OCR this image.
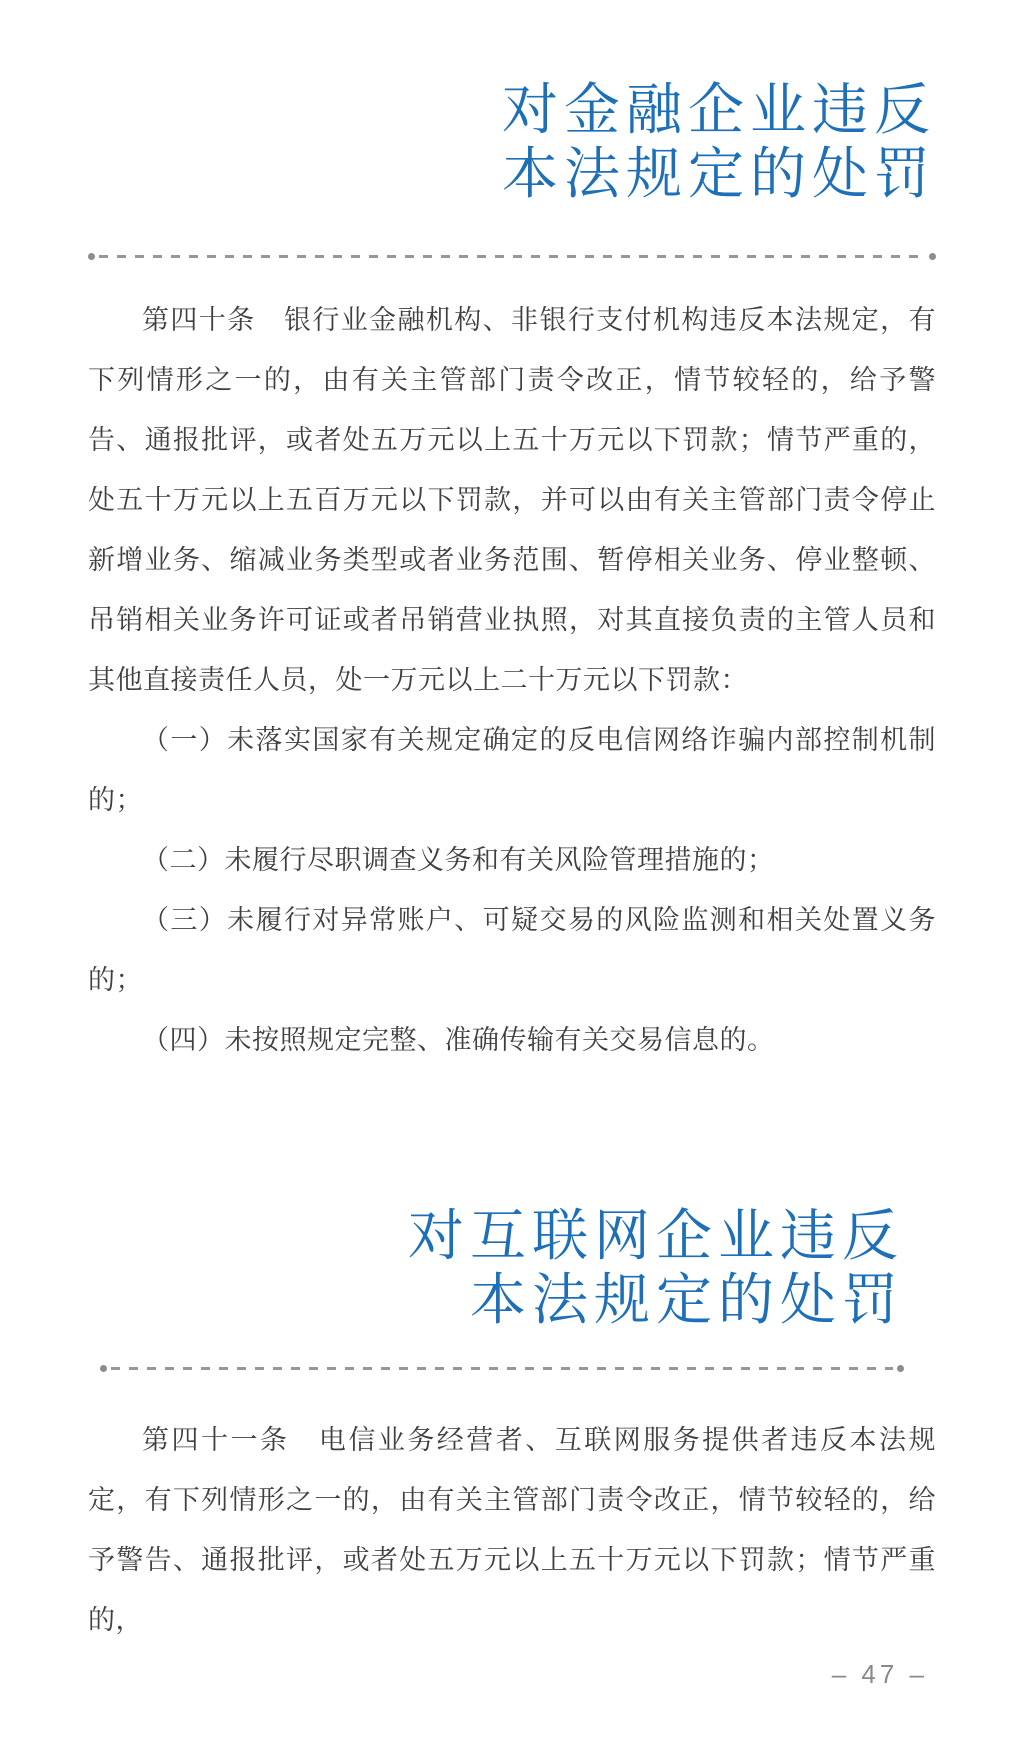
对金融企业违反
本法规定的处罚

第四十条　银行业金融机构、非银行支付机构违反本法规定，有下列情形之一的，由有关主管部门责令改正，情节较轻的，给予警告、通报批评，或者处五万元以上五十万元以下罚款；情节严重的，处五十万元以上五百万元以下罚款，并可以由有关主管部门责令停止新增业务、缩减业务类型或者业务范围、暂停相关业务、停业整顿、吊销相关业务许可证或者吊销营业执照，对其直接负责的主管人员和其他直接责任人员，处一万元以上二十万元以下罚款：

（一）未落实国家有关规定确定的反电信网络诈骗内部控制机制的；

（二）未履行尽职调查义务和有关风险管理措施的；

（三）未履行对异常账户、可疑交易的风险监测和相关处置义务的；

（四）未按照规定完整、准确传输有关交易信息的。

对互联网企业违反
本法规定的处罚

第四十一条　电信业务经营者、互联网服务提供者违反本法规定，有下列情形之一的，由有关主管部门责令改正，情节较轻的，给予警告、通报批评，或者处五万元以上五十万元以下罚款；情节严重的，

– 47 –
